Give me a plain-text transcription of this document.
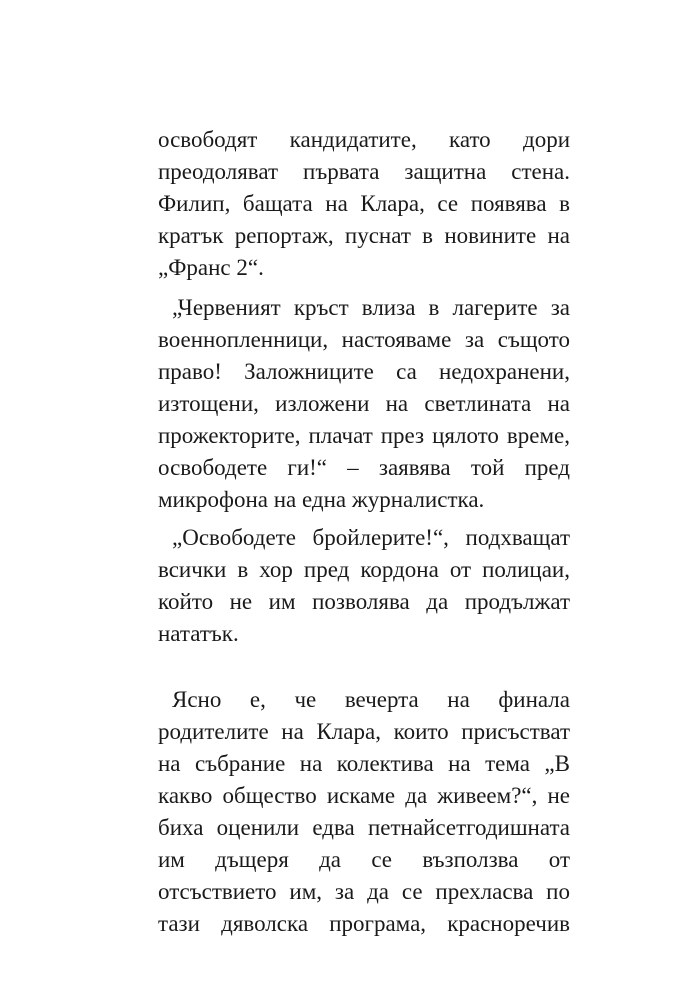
освободят кандидатите, като дори
преодоляват първата защитна стена.
Филип, бащата на Клара, се появява в
кратък репортаж, пуснат в новините на
„Франс 2“.

„Червеният кръст влиза в лагерите за
военнопленници, настояваме за същото
право! Заложниците са недохранени,
изтощени, изложени на светлината на
прожекторите, плачат през цялото време,
освободете ги!“ – заявява той пред
микрофона на една журналистка.

„Освободете бройлерите!“, подхващат
всички в хор пред кордона от полицаи,
който не им позволява да продължат
нататък.

Ясно е, че вечерта на финала
родителите на Клара, които присъстват
на събрание на колектива на тема „В
какво общество искаме да живеем?“, не
биха оценили едва петнайсетгодишната
им дъщеря да се възползва от
отсъствието им, за да се прехласва по
тази дяволска програма, красноречив
